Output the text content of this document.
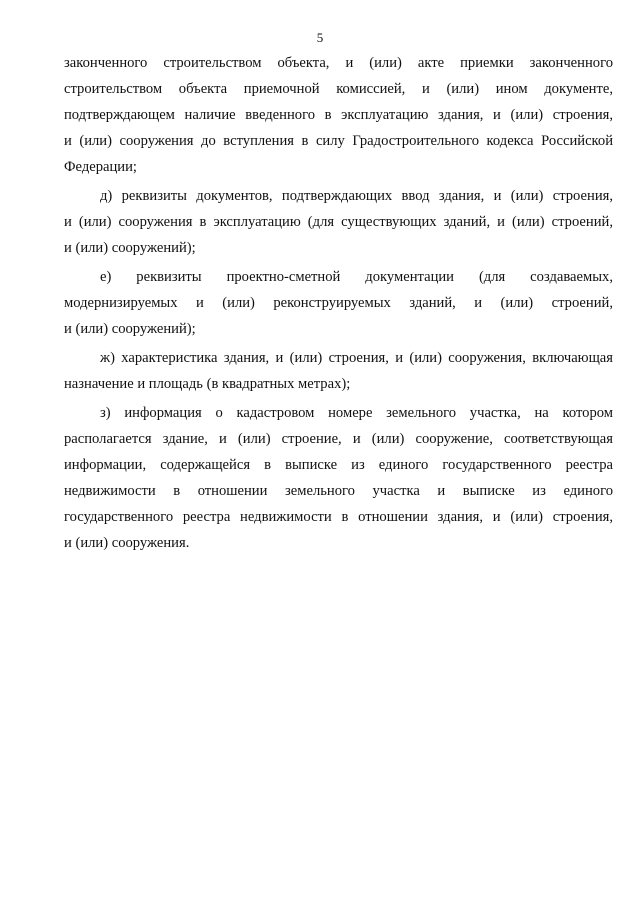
5
законченного строительством объекта, и (или) акте приемки законченного
строительством объекта приемочной комиссией, и (или) ином документе,
подтверждающем наличие введенного в эксплуатацию здания, и (или) строения,
и (или) сооружения до вступления в силу Градостроительного кодекса Российской
Федерации;
д) реквизиты документов, подтверждающих ввод здания, и (или) строения,
и (или) сооружения в эксплуатацию (для существующих зданий, и (или) строений,
и (или) сооружений);
е) реквизиты проектно-сметной документации (для создаваемых,
модернизируемых и (или) реконструируемых зданий, и (или) строений,
и (или) сооружений);
ж) характеристика здания, и (или) строения, и (или) сооружения, включающая
назначение и площадь (в квадратных метрах);
з) информация о кадастровом номере земельного участка, на котором
располагается здание, и (или) строение, и (или) сооружение, соответствующая
информации, содержащейся в выписке из единого государственного реестра
недвижимости в отношении земельного участка и выписке из единого
государственного реестра недвижимости в отношении здания, и (или) строения,
и (или) сооружения.
